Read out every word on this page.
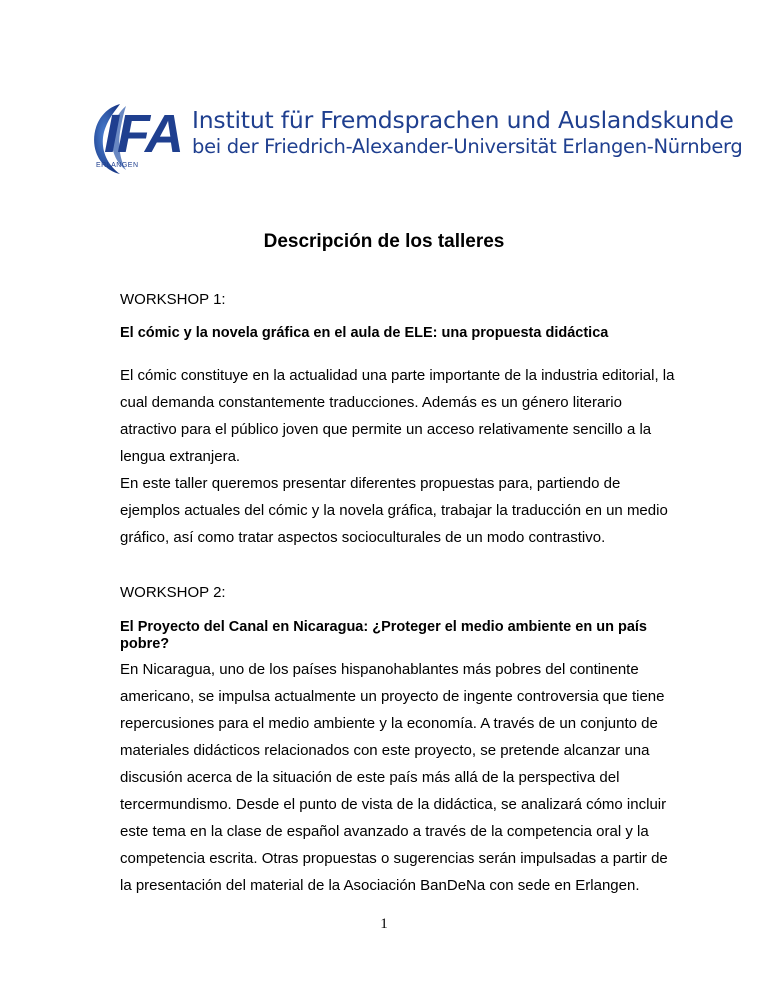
IFA
ERLANGEN
Institut für Fremdsprachen und Auslandskunde
bei der Friedrich-Alexander-Universität Erlangen-Nürnberg
Descripción de los talleres
WORKSHOP 1:
El cómic y la novela gráfica en el aula de ELE: una propuesta didáctica
El cómic constituye en la actualidad una parte importante de la industria editorial, la cual demanda constantemente traducciones. Además es un género literario atractivo para el público joven que permite un acceso relativamente sencillo a la lengua extranjera.
En este taller queremos presentar diferentes propuestas para, partiendo de ejemplos actuales del cómic y la novela gráfica, trabajar la traducción en un medio gráfico, así como tratar aspectos socioculturales de un modo contrastivo.
WORKSHOP 2:
El Proyecto del Canal en Nicaragua: ¿Proteger el medio ambiente en un país pobre?
En Nicaragua, uno de los países hispanohablantes más pobres del continente americano, se impulsa actualmente un proyecto de ingente controversia que tiene repercusiones para el medio ambiente y la economía. A través de un conjunto de materiales didácticos relacionados con este proyecto, se pretende alcanzar una discusión acerca de la situación de este país más allá de la perspectiva del tercermundismo. Desde el punto de vista de la didáctica, se analizará cómo incluir este tema en la clase de español avanzado a través de la competencia oral y la competencia escrita. Otras propuestas o sugerencias serán impulsadas a partir de la presentación del material de la Asociación BanDeNa con sede en Erlangen.
1
